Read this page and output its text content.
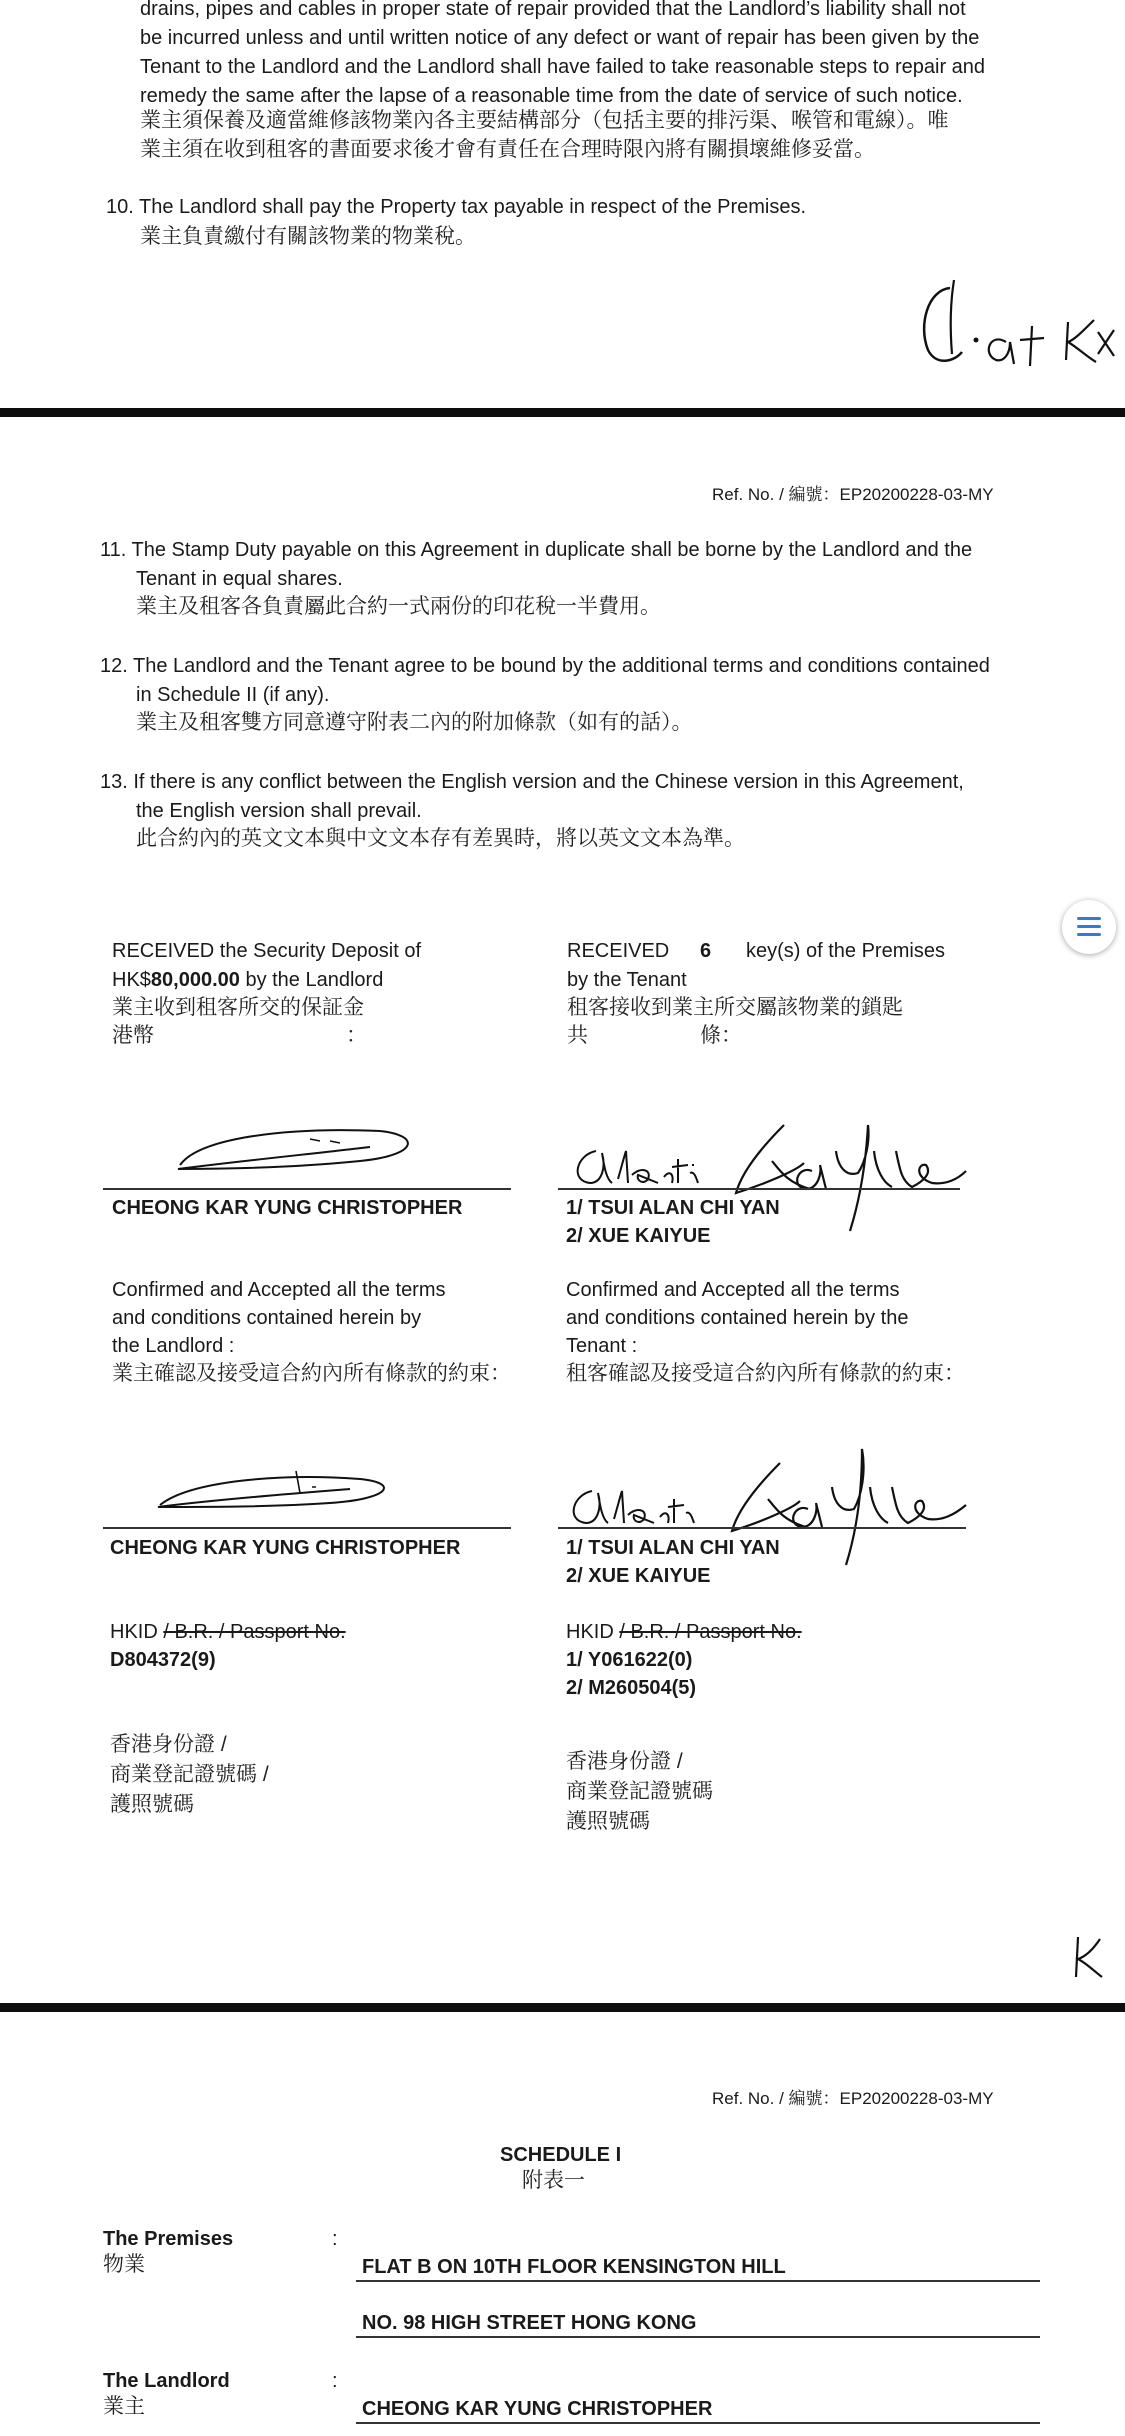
drains, pipes and cables in proper state of repair provided that the Landlord’s liability shall not
be incurred unless and until written notice of any defect or want of repair has been given by the
Tenant to the Landlord and the Landlord shall have failed to take reasonable steps to repair and
remedy the same after the lapse of a reasonable time from the date of service of such notice.
業主須保養及適當維修該物業內各主要結構部分（包括主要的排污渠、喉管和電線）。唯
業主須在收到租客的書面要求後才會有責任在合理時限內將有關損壞維修妥當。
10. The Landlord shall pay the Property tax payable in respect of the Premises.
業主負責繳付有關該物業的物業稅。
Ref. No. / 編號：EP20200228-03-MY
11. The Stamp Duty payable on this Agreement in duplicate shall be borne by the Landlord and the
Tenant in equal shares.
業主及租客各負責屬此合約一式兩份的印花稅一半費用。
12. The Landlord and the Tenant agree to be bound by the additional terms and conditions contained
in Schedule II (if any).
業主及租客雙方同意遵守附表二內的附加條款（如有的話）。
13. If there is any conflict between the English version and the Chinese version in this Agreement,
the English version shall prevail.
此合約內的英文文本與中文文本存有差異時，將以英文文本為準。
RECEIVED the Security Deposit of
HK$80,000.00 by the Landlord
業主收到租客所交的保証金
港幣	：
RECEIVED 6 key(s) of the Premises
by the Tenant
租客接收到業主所交屬該物業的鎖匙
共	條：
CHEONG KAR YUNG CHRISTOPHER	1/ TSUI ALAN CHI YAN
2/ XUE KAIYUE
Confirmed and Accepted all the terms
and conditions contained herein by
the Landlord :
業主確認及接受這合約內所有條款的約束：
Confirmed and Accepted all the terms
and conditions contained herein by the
Tenant :
租客確認及接受這合約內所有條款的約束：
CHEONG KAR YUNG CHRISTOPHER	1/ TSUI ALAN CHI YAN
2/ XUE KAIYUE
HKID / B.R. / Passport No.
D804372(9)
HKID / B.R. / Passport No.
1/ Y061622(0)
2/ M260504(5)
香港身份證 /
商業登記證號碼 /
護照號碼
香港身份證 /
商業登記證號碼
護照號碼
Ref. No. / 編號：EP20200228-03-MY
SCHEDULE I
附表一
The Premises
物業
:
FLAT B ON 10TH FLOOR KENSINGTON HILL
NO. 98 HIGH STREET HONG KONG
The Landlord
業主
:
CHEONG KAR YUNG CHRISTOPHER
